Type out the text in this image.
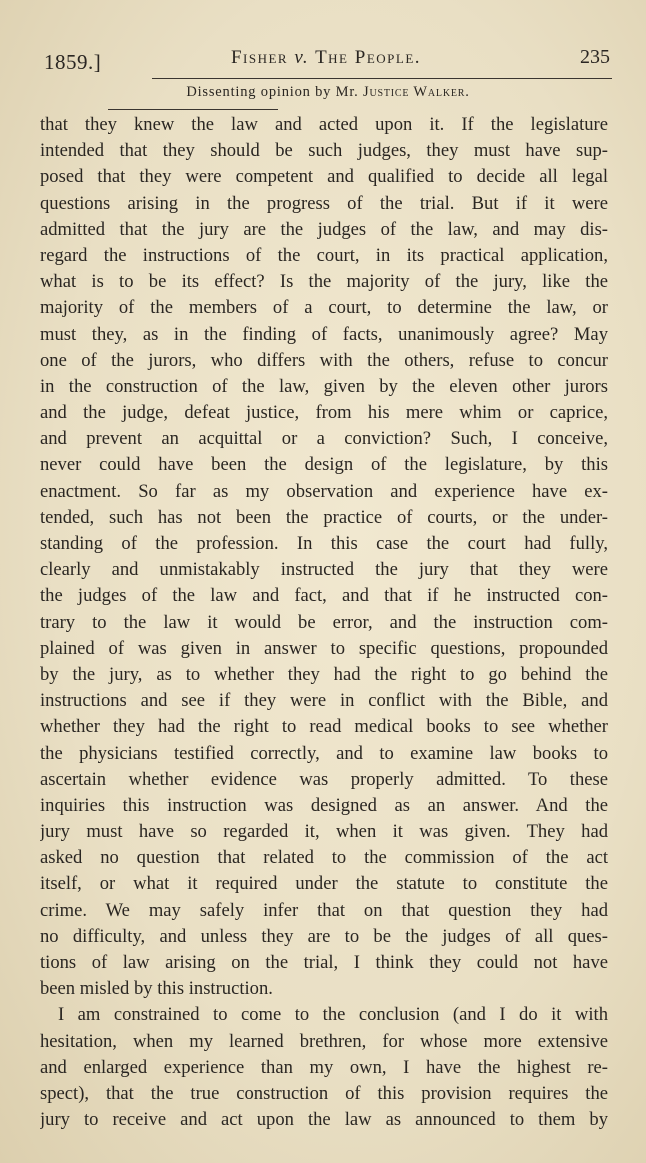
1859.]	Fisher v. The People.	235
Dissenting opinion by Mr. Justice Walker.
that they knew the law and acted upon it. If the legislature
intended that they should be such judges, they must have sup-
posed that they were competent and qualified to decide all legal
questions arising in the progress of the trial. But if it were
admitted that the jury are the judges of the law, and may dis-
regard the instructions of the court, in its practical application,
what is to be its effect? Is the majority of the jury, like the
majority of the members of a court, to determine the law, or
must they, as in the finding of facts, unanimously agree? May
one of the jurors, who differs with the others, refuse to concur
in the construction of the law, given by the eleven other jurors
and the judge, defeat justice, from his mere whim or caprice,
and prevent an acquittal or a conviction? Such, I conceive,
never could have been the design of the legislature, by this
enactment. So far as my observation and experience have ex-
tended, such has not been the practice of courts, or the under-
standing of the profession. In this case the court had fully,
clearly and unmistakably instructed the jury that they were
the judges of the law and fact, and that if he instructed con-
trary to the law it would be error, and the instruction com-
plained of was given in answer to specific questions, propounded
by the jury, as to whether they had the right to go behind the
instructions and see if they were in conflict with the Bible, and
whether they had the right to read medical books to see whether
the physicians testified correctly, and to examine law books to
ascertain whether evidence was properly admitted. To these
inquiries this instruction was designed as an answer. And the
jury must have so regarded it, when it was given. They had
asked no question that related to the commission of the act
itself, or what it required under the statute to constitute the
crime. We may safely infer that on that question they had
no difficulty, and unless they are to be the judges of all ques-
tions of law arising on the trial, I think they could not have
been misled by this instruction.
I am constrained to come to the conclusion (and I do it with
hesitation, when my learned brethren, for whose more extensive
and enlarged experience than my own, I have the highest re-
spect), that the true construction of this provision requires the
jury to receive and act upon the law as announced to them by
